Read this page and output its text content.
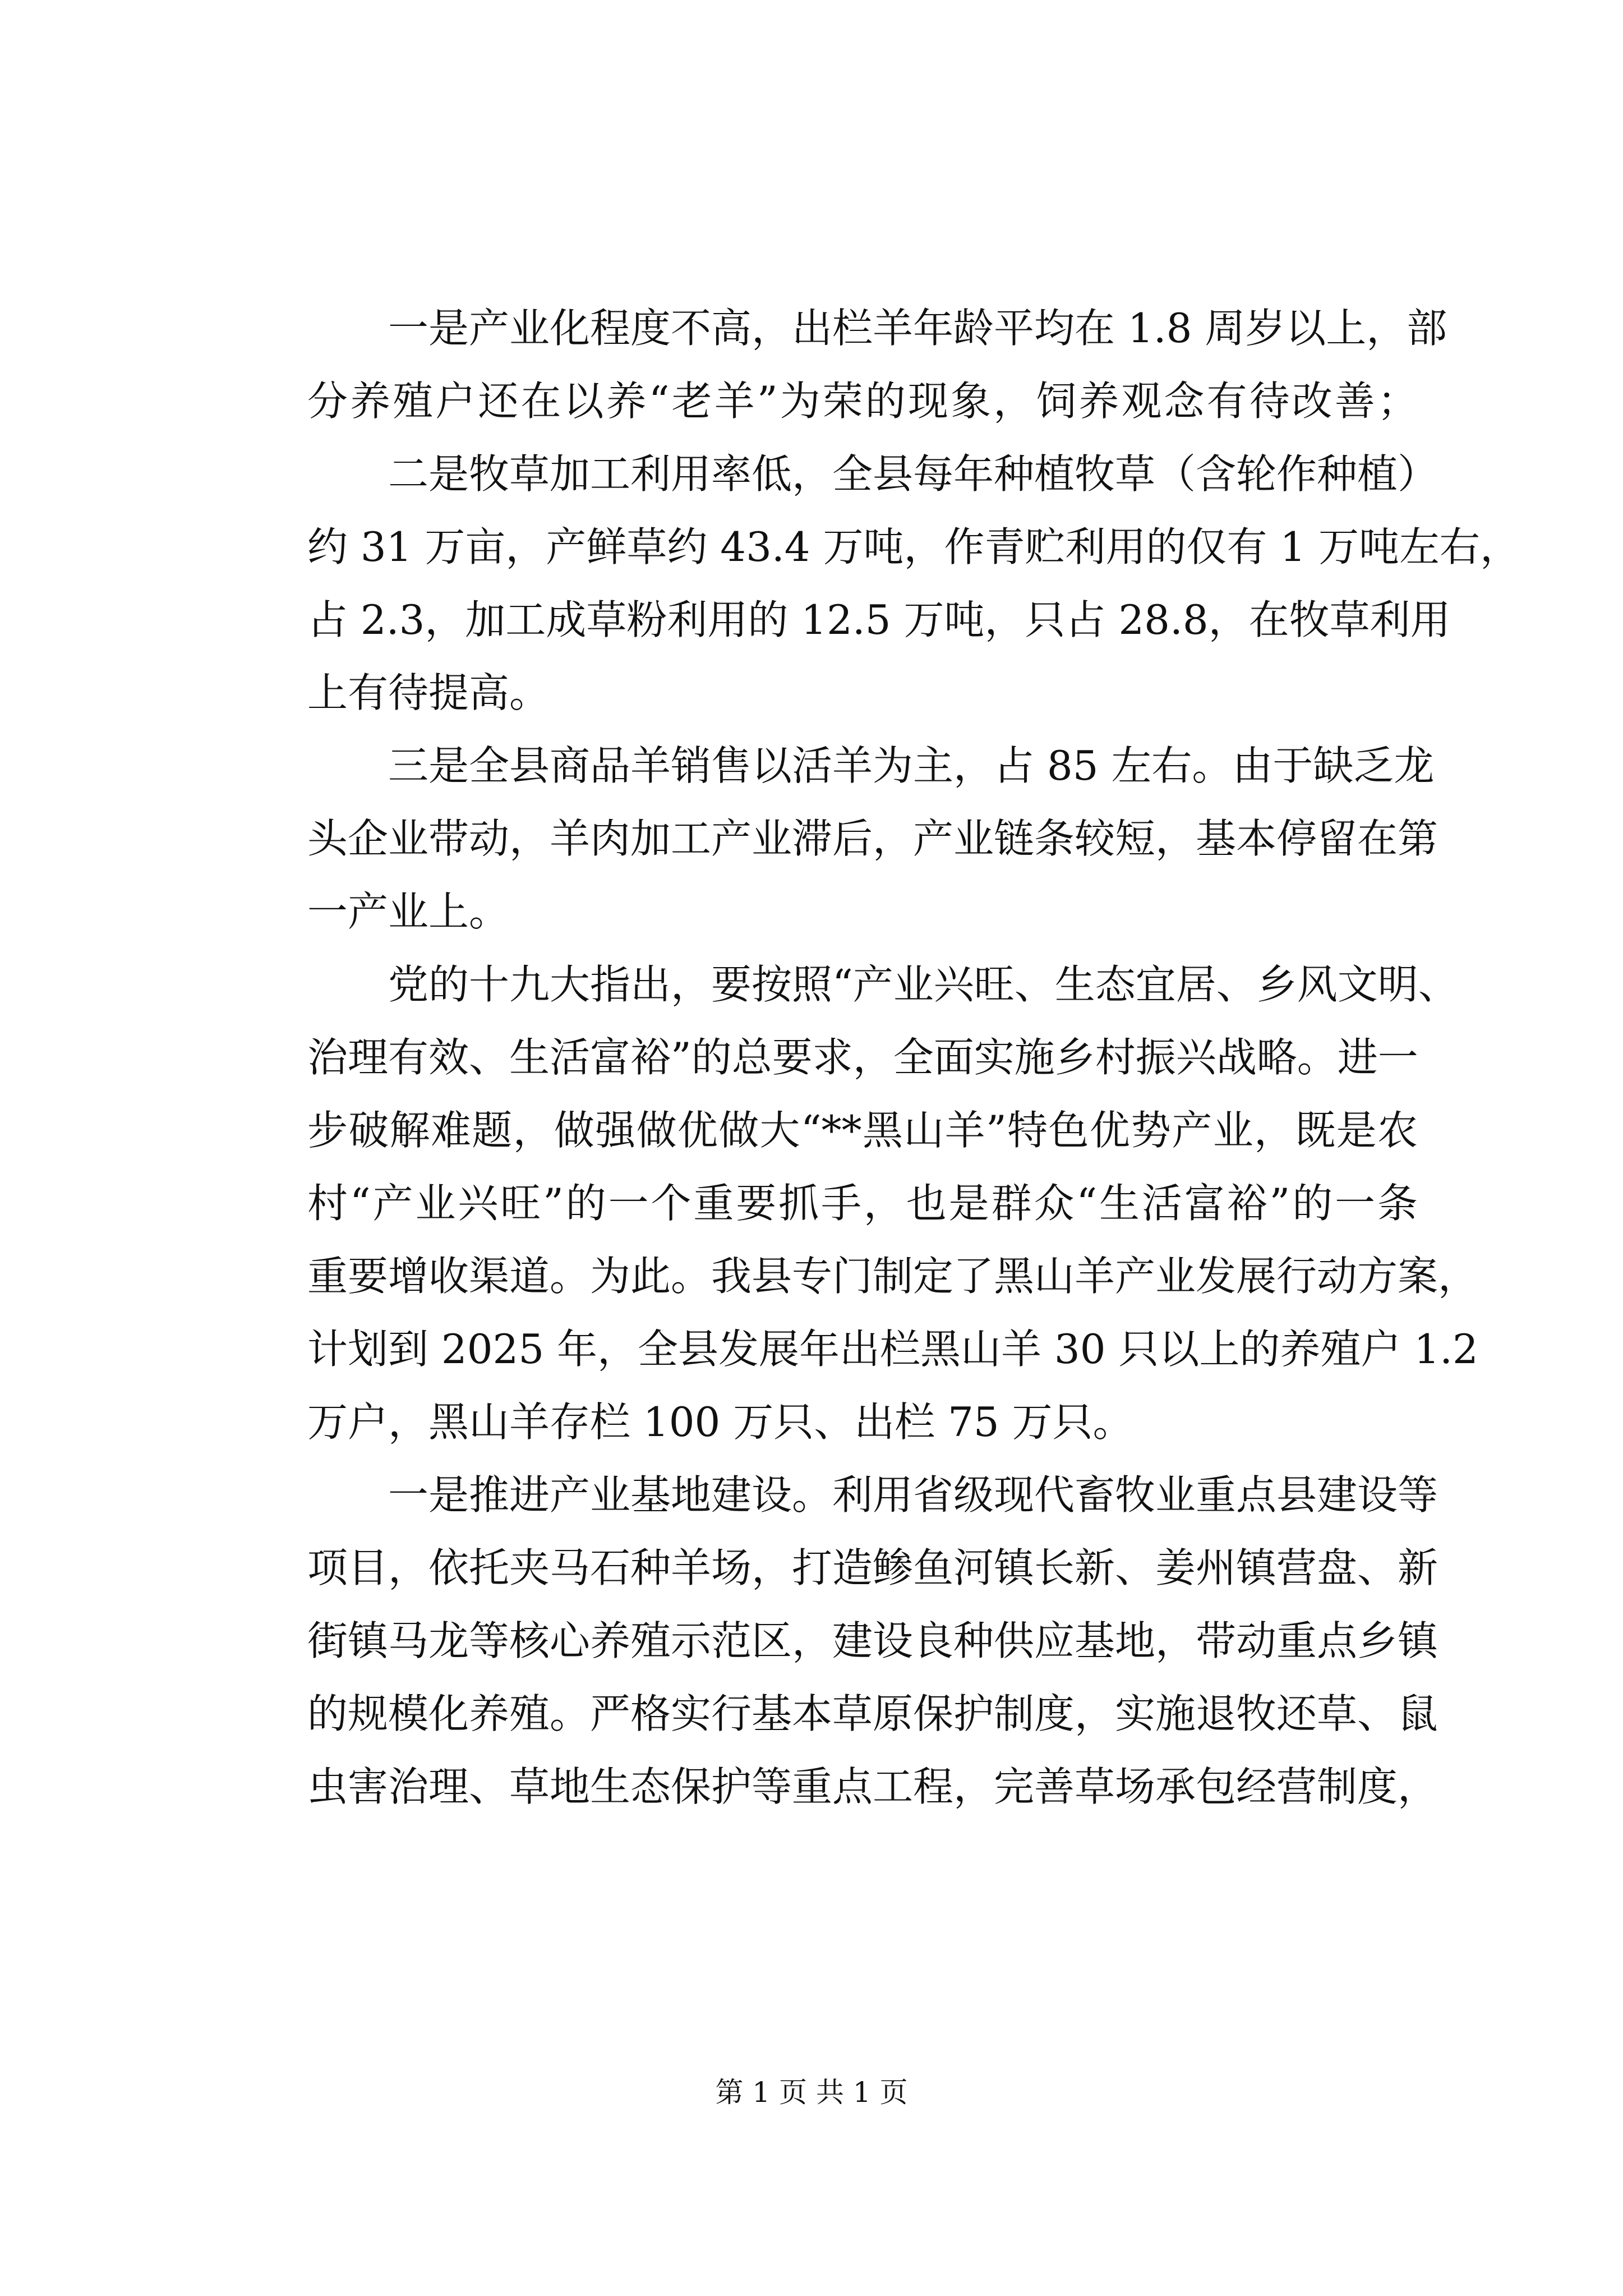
一是产业化程度不高，出栏羊年龄平均在 1.8 周岁以上，部
分养殖户还在以养“老羊”为荣的现象，饲养观念有待改善；
二是牧草加工利用率低，全县每年种植牧草（含轮作种植）
约 31 万亩，产鲜草约 43.4 万吨，作青贮利用的仅有 1 万吨左右，
占 2.3，加工成草粉利用的 12.5 万吨，只占 28.8，在牧草利用
上有待提高。
三是全县商品羊销售以活羊为主，占 85 左右。由于缺乏龙
头企业带动，羊肉加工产业滞后，产业链条较短，基本停留在第
一产业上。
党的十九大指出，要按照“产业兴旺、生态宜居、乡风文明、
治理有效、生活富裕”的总要求，全面实施乡村振兴战略。进一
步破解难题，做强做优做大“**黑山羊”特色优势产业，既是农
村“产业兴旺”的一个重要抓手，也是群众“生活富裕”的一条
重要增收渠道。为此。我县专门制定了黑山羊产业发展行动方案，
计划到 2025 年，全县发展年出栏黑山羊 30 只以上的养殖户 1.2
万户，黑山羊存栏 100 万只、出栏 75 万只。
一是推进产业基地建设。利用省级现代畜牧业重点县建设等
项目，依托夹马石种羊场，打造鲹鱼河镇长新、姜州镇营盘、新
街镇马龙等核心养殖示范区，建设良种供应基地，带动重点乡镇
的规模化养殖。严格实行基本草原保护制度，实施退牧还草、鼠
虫害治理、草地生态保护等重点工程，完善草场承包经营制度，
第 1 页 共 1 页
